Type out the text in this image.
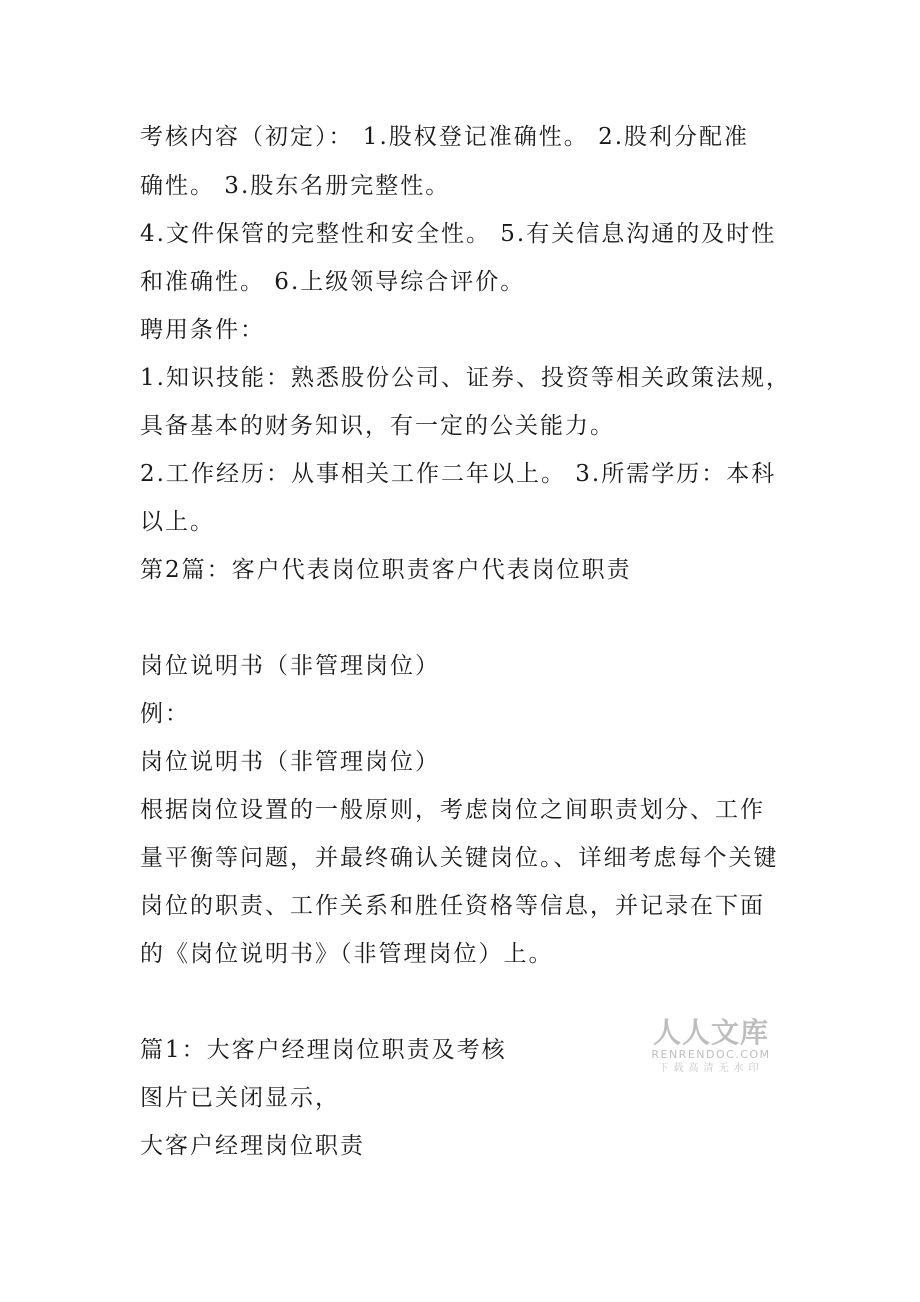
考核内容（初定）： 1.股权登记准确性。 2.股利分配准
确性。 3.股东名册完整性。
4.文件保管的完整性和安全性。 5.有关信息沟通的及时性
和准确性。 6.上级领导综合评价。
聘用条件：
1.知识技能：熟悉股份公司、证券、投资等相关政策法规，
具备基本的财务知识，有一定的公关能力。
2.工作经历：从事相关工作二年以上。 3.所需学历：本科
以上。
第2篇：客户代表岗位职责客户代表岗位职责
岗位说明书（非管理岗位）
例：
岗位说明书（非管理岗位）
根据岗位设置的一般原则，考虑岗位之间职责划分、工作
量平衡等问题，并最终确认关键岗位。、详细考虑每个关键
岗位的职责、工作关系和胜任资格等信息，并记录在下面
的《岗位说明书》（非管理岗位）上。
篇1：大客户经理岗位职责及考核
图片已关闭显示，
大客户经理岗位职责
人人文库
RENRENDOC.COM
下载高清无水印
